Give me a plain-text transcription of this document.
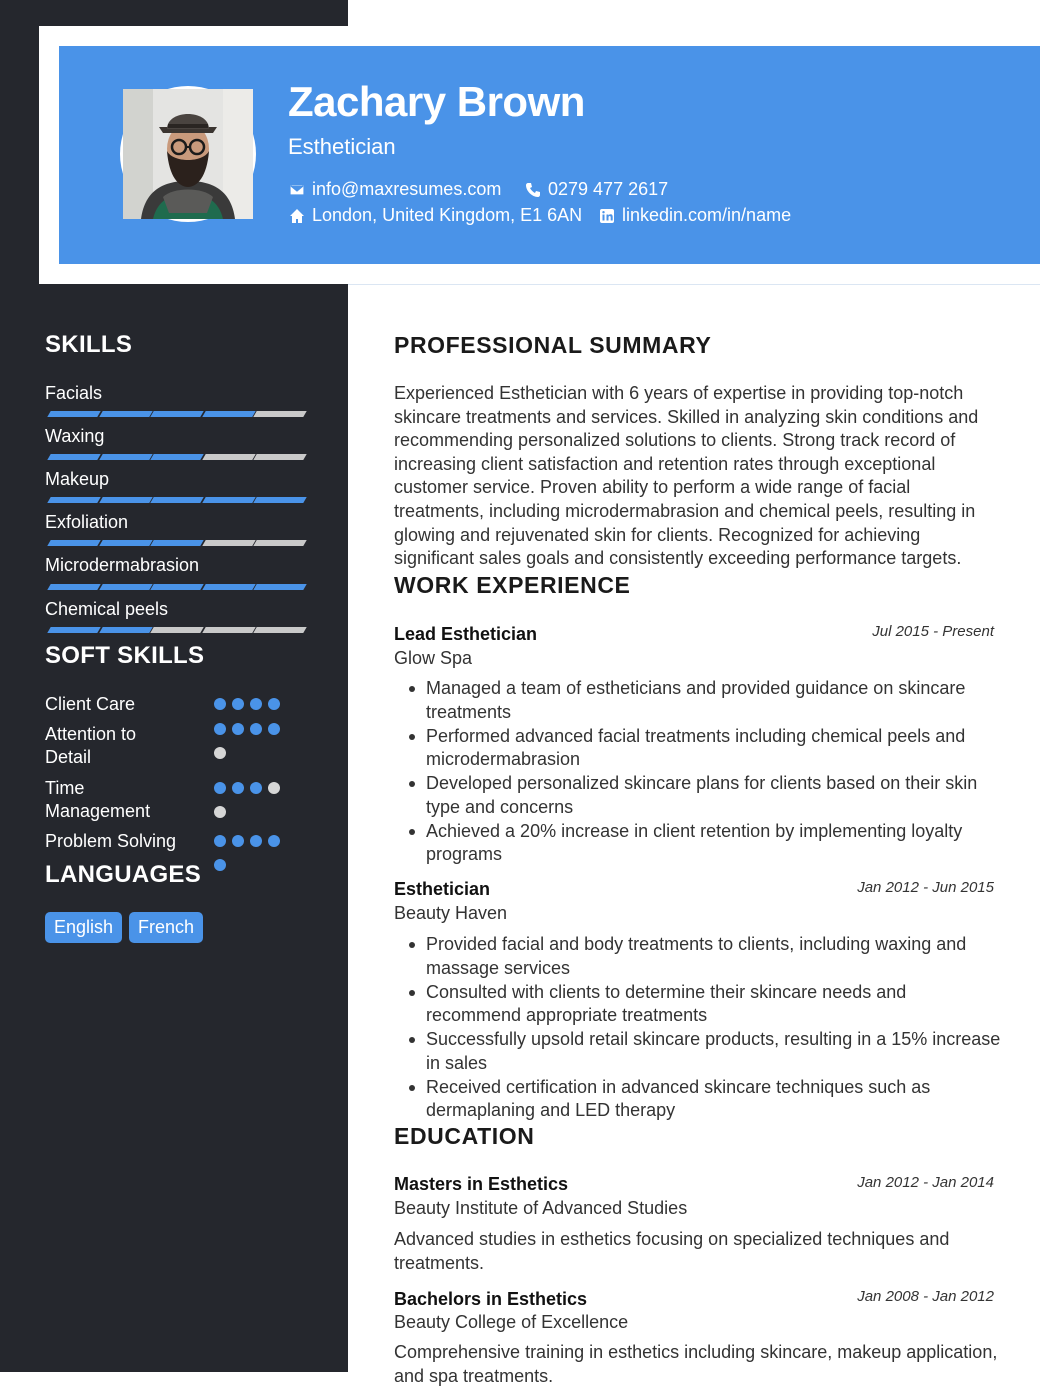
Zachary Brown
Esthetician
info@maxresumes.com	0279 477 2617
London, United Kingdom, E1 6AN linkedin.com/in/name
SKILLS
Facials
Waxing
Makeup
Exfoliation
Microdermabrasion
Chemical peels
SOFT SKILLS
Client Care
Attention to Detail
Time Management
Problem Solving
LANGUAGES
English	French
PROFESSIONAL SUMMARY
Experienced Esthetician with 6 years of expertise in providing top-notch skincare treatments and services. Skilled in analyzing skin conditions and recommending personalized solutions to clients. Strong track record of increasing client satisfaction and retention rates through exceptional customer service. Proven ability to perform a wide range of facial treatments, including microdermabrasion and chemical peels, resulting in glowing and rejuvenated skin for clients. Recognized for achieving significant sales goals and consistently exceeding performance targets.
WORK EXPERIENCE
Lead Esthetician	Jul 2015 - Present
Glow Spa
Managed a team of estheticians and provided guidance on skincare treatments
Performed advanced facial treatments including chemical peels and microdermabrasion
Developed personalized skincare plans for clients based on their skin type and concerns
Achieved a 20% increase in client retention by implementing loyalty programs
Esthetician	Jan 2012 - Jun 2015
Beauty Haven
Provided facial and body treatments to clients, including waxing and massage services
Consulted with clients to determine their skincare needs and recommend appropriate treatments
Successfully upsold retail skincare products, resulting in a 15% increase in sales
Received certification in advanced skincare techniques such as dermaplaning and LED therapy
EDUCATION
Masters in Esthetics	Jan 2012 - Jan 2014
Beauty Institute of Advanced Studies
Advanced studies in esthetics focusing on specialized techniques and treatments.
Bachelors in Esthetics	Jan 2008 - Jan 2012
Beauty College of Excellence
Comprehensive training in esthetics including skincare, makeup application, and spa treatments.
